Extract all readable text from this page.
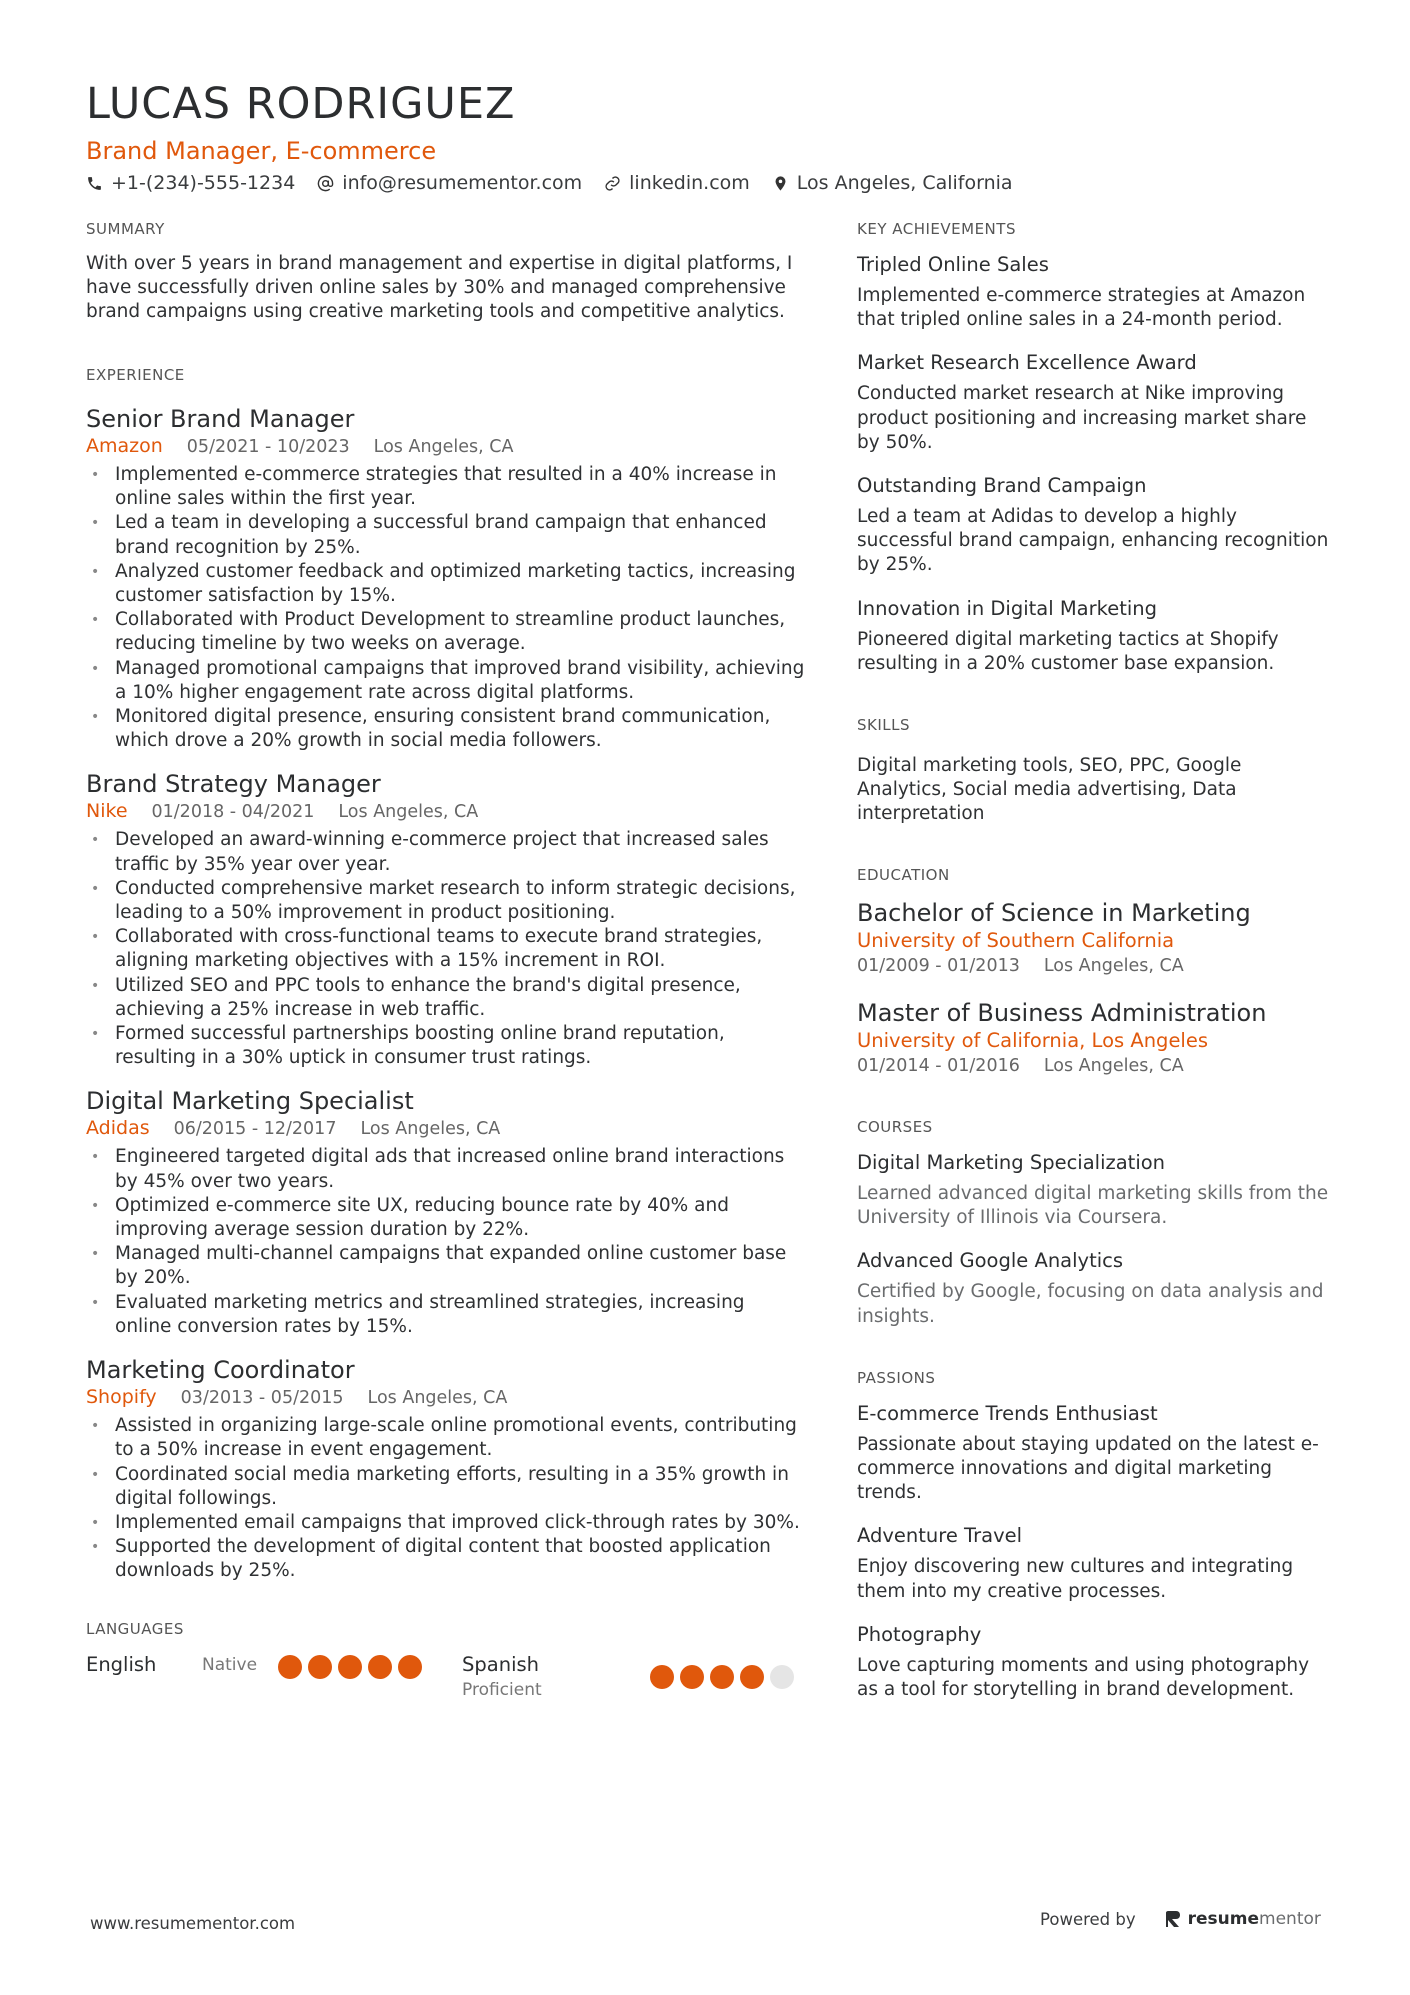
LUCAS RODRIGUEZ
Brand Manager, E-commerce
+1-(234)-555-1234 info@resumementor.com linkedin.com Los Angeles, California
SUMMARY
With over 5 years in brand management and expertise in digital platforms, I have successfully driven online sales by 30% and managed comprehensive brand campaigns using creative marketing tools and competitive analytics.
EXPERIENCE
Senior Brand Manager
Amazon 05/2021 - 10/2023 Los Angeles, CA
• Implemented e-commerce strategies that resulted in a 40% increase in online sales within the first year.
• Led a team in developing a successful brand campaign that enhanced brand recognition by 25%.
• Analyzed customer feedback and optimized marketing tactics, increasing customer satisfaction by 15%.
• Collaborated with Product Development to streamline product launches, reducing timeline by two weeks on average.
• Managed promotional campaigns that improved brand visibility, achieving a 10% higher engagement rate across digital platforms.
• Monitored digital presence, ensuring consistent brand communication, which drove a 20% growth in social media followers.
Brand Strategy Manager
Nike 01/2018 - 04/2021 Los Angeles, CA
• Developed an award-winning e-commerce project that increased sales traffic by 35% year over year.
• Conducted comprehensive market research to inform strategic decisions, leading to a 50% improvement in product positioning.
• Collaborated with cross-functional teams to execute brand strategies, aligning marketing objectives with a 15% increment in ROI.
• Utilized SEO and PPC tools to enhance the brand's digital presence, achieving a 25% increase in web traffic.
• Formed successful partnerships boosting online brand reputation, resulting in a 30% uptick in consumer trust ratings.
Digital Marketing Specialist
Adidas 06/2015 - 12/2017 Los Angeles, CA
• Engineered targeted digital ads that increased online brand interactions by 45% over two years.
• Optimized e-commerce site UX, reducing bounce rate by 40% and improving average session duration by 22%.
• Managed multi-channel campaigns that expanded online customer base by 20%.
• Evaluated marketing metrics and streamlined strategies, increasing online conversion rates by 15%.
Marketing Coordinator
Shopify 03/2013 - 05/2015 Los Angeles, CA
• Assisted in organizing large-scale online promotional events, contributing to a 50% increase in event engagement.
• Coordinated social media marketing efforts, resulting in a 35% growth in digital followings.
• Implemented email campaigns that improved click-through rates by 30%.
• Supported the development of digital content that boosted application downloads by 25%.
LANGUAGES
English	Native	Spanish
Proficient
KEY ACHIEVEMENTS
Tripled Online Sales
Implemented e-commerce strategies at Amazon that tripled online sales in a 24-month period.
Market Research Excellence Award
Conducted market research at Nike improving product positioning and increasing market share by 50%.
Outstanding Brand Campaign
Led a team at Adidas to develop a highly successful brand campaign, enhancing recognition by 25%.
Innovation in Digital Marketing
Pioneered digital marketing tactics at Shopify resulting in a 20% customer base expansion.
SKILLS
Digital marketing tools, SEO, PPC, Google Analytics, Social media advertising, Data interpretation
EDUCATION
Bachelor of Science in Marketing
University of Southern California
01/2009 - 01/2013 Los Angeles, CA
Master of Business Administration
University of California, Los Angeles
01/2014 - 01/2016 Los Angeles, CA
COURSES
Digital Marketing Specialization
Learned advanced digital marketing skills from the University of Illinois via Coursera.
Advanced Google Analytics
Certified by Google, focusing on data analysis and insights.
PASSIONS
E-commerce Trends Enthusiast
Passionate about staying updated on the latest e-commerce innovations and digital marketing trends.
Adventure Travel
Enjoy discovering new cultures and integrating them into my creative processes.
Photography
Love capturing moments and using photography as a tool for storytelling in brand development.
www.resumementor.com	Powered by	resumementor
